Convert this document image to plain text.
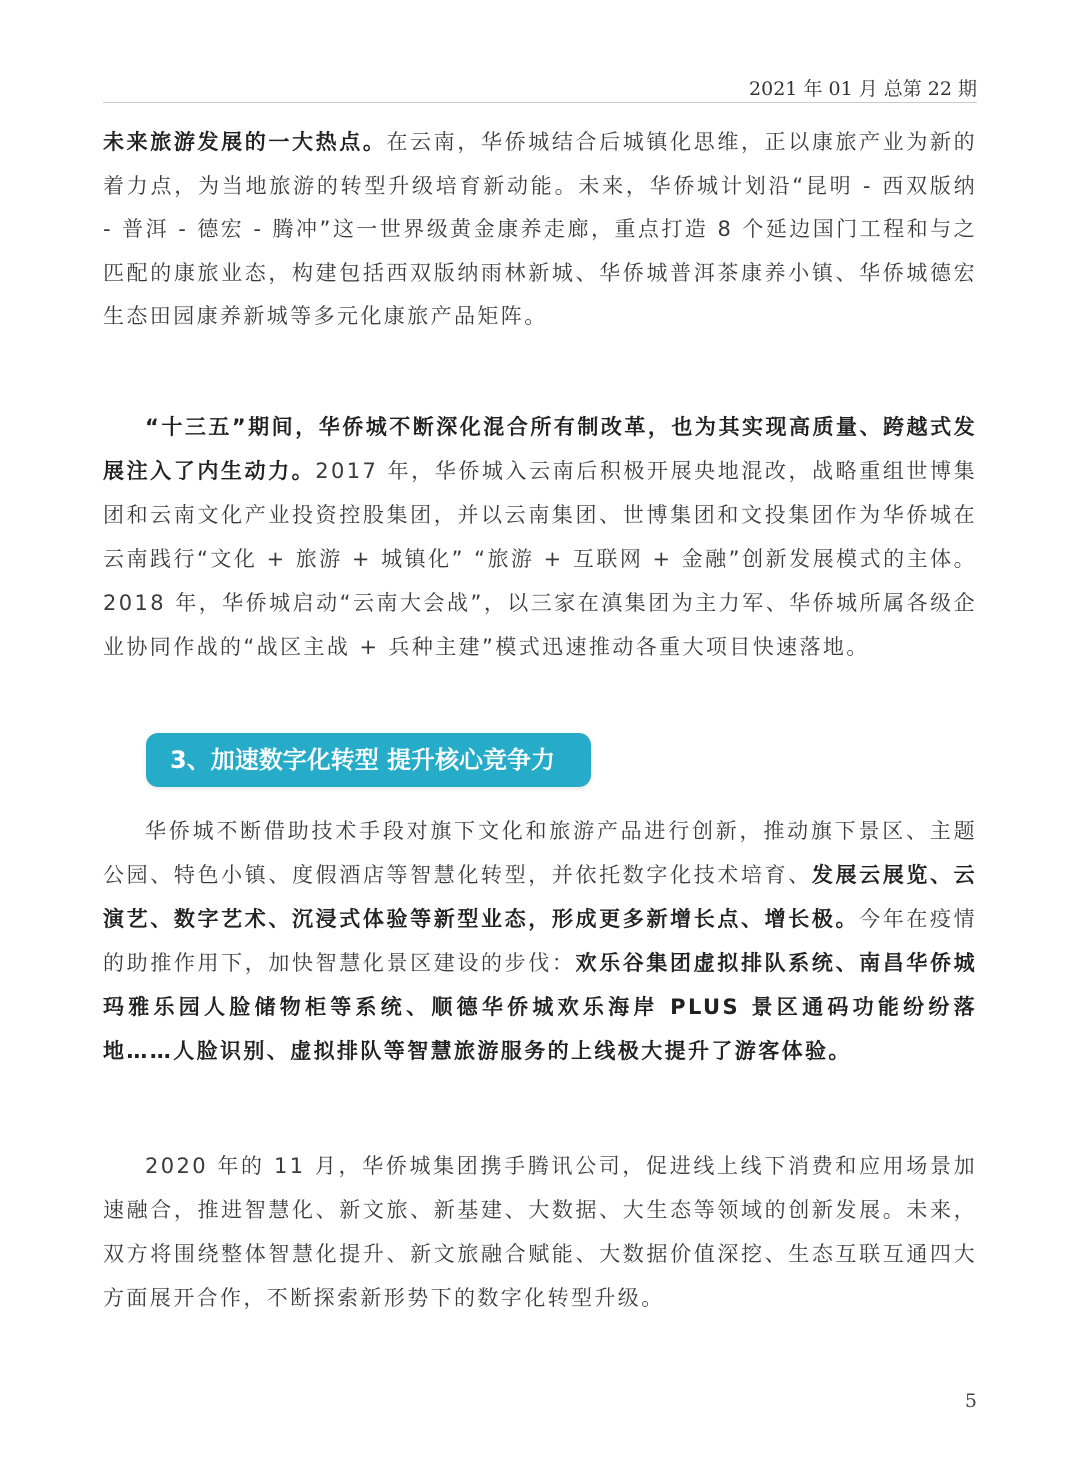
2021 年 01 月 总第 22 期

未来旅游发展的一大热点。在云南，华侨城结合后城镇化思维，正以康旅产业为新的着力点，为当地旅游的转型升级培育新动能。未来，华侨城计划沿“昆明 - 西双版纳 - 普洱 - 德宏 - 腾冲”这一世界级黄金康养走廊，重点打造 8 个延边国门工程和与之匹配的康旅业态，构建包括西双版纳雨林新城、华侨城普洱茶康养小镇、华侨城德宏生态田园康养新城等多元化康旅产品矩阵。

“十三五”期间，华侨城不断深化混合所有制改革，也为其实现高质量、跨越式发展注入了内生动力。2017 年，华侨城入云南后积极开展央地混改，战略重组世博集团和云南文化产业投资控股集团，并以云南集团、世博集团和文投集团作为华侨城在云南践行“文化 + 旅游 + 城镇化” “旅游 + 互联网 + 金融”创新发展模式的主体。2018 年，华侨城启动“云南大会战”，以三家在滇集团为主力军、华侨城所属各级企业协同作战的“战区主战 + 兵种主建”模式迅速推动各重大项目快速落地。

3、加速数字化转型 提升核心竞争力

华侨城不断借助技术手段对旗下文化和旅游产品进行创新，推动旗下景区、主题公园、特色小镇、度假酒店等智慧化转型，并依托数字化技术培育、发展云展览、云演艺、数字艺术、沉浸式体验等新型业态，形成更多新增长点、增长极。今年在疫情的助推作用下，加快智慧化景区建设的步伐：欢乐谷集团虚拟排队系统、南昌华侨城玛雅乐园人脸储物柜等系统、顺德华侨城欢乐海岸 PLUS 景区通码功能纷纷落地……人脸识别、虚拟排队等智慧旅游服务的上线极大提升了游客体验。

2020 年的 11 月，华侨城集团携手腾讯公司，促进线上线下消费和应用场景加速融合，推进智慧化、新文旅、新基建、大数据、大生态等领域的创新发展。未来，双方将围绕整体智慧化提升、新文旅融合赋能、大数据价值深挖、生态互联互通四大方面展开合作，不断探索新形势下的数字化转型升级。

5
